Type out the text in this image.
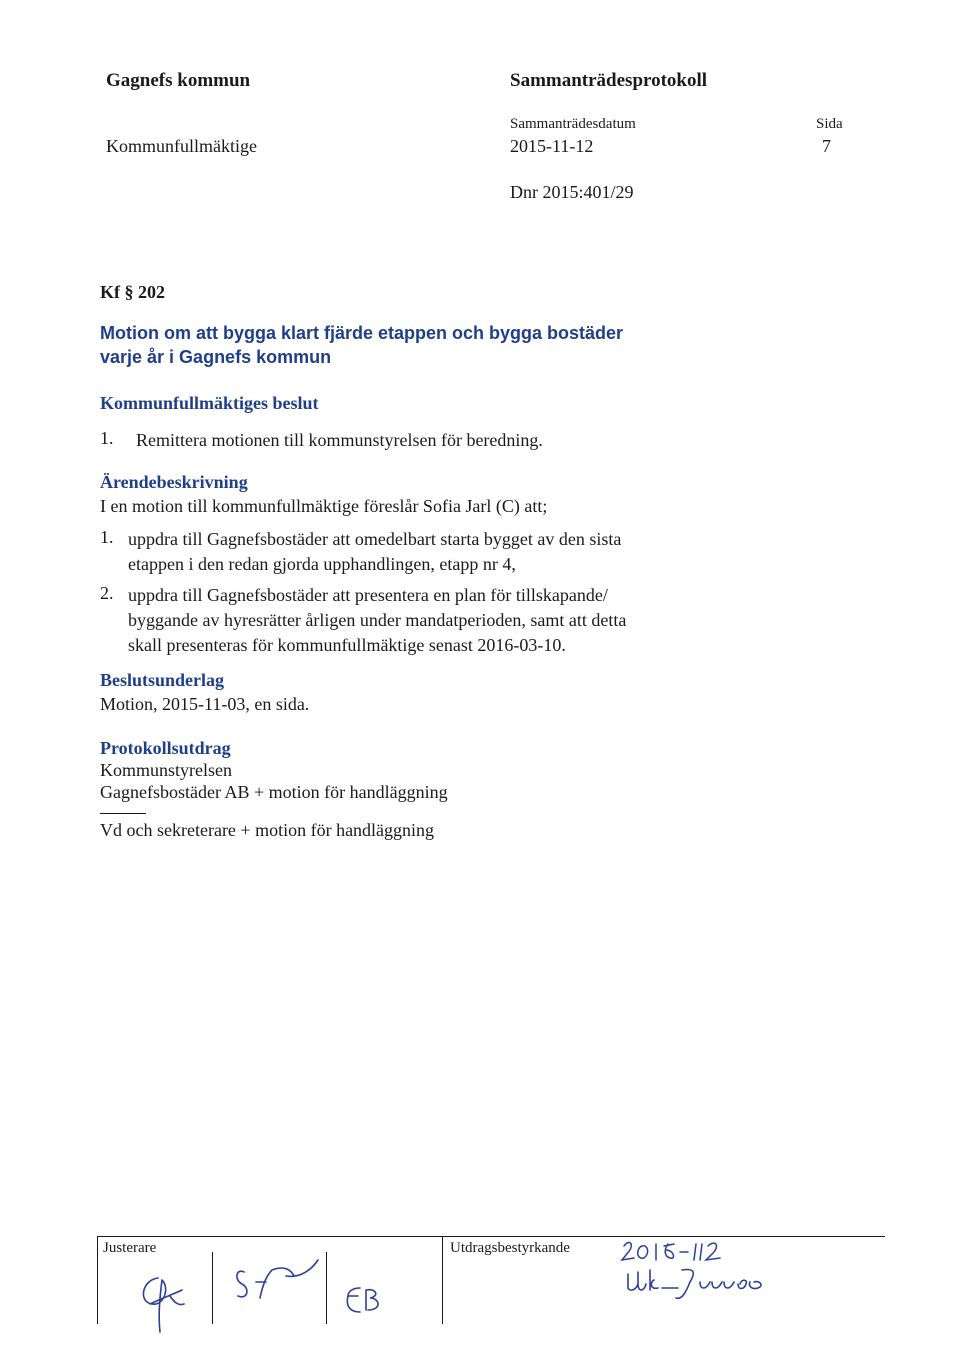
Gagnefs kommun	Sammanträdesprotokoll
Sammanträdesdatum	Sida
Kommunfullmäktige	2015-11-12	7
Dnr 2015:401/29
Kf § 202
Motion om att bygga klart fjärde etappen och bygga bostäder
varje år i Gagnefs kommun
Kommunfullmäktiges beslut
1. Remittera motionen till kommunstyrelsen för beredning.
Ärendebeskrivning
I en motion till kommunfullmäktige föreslår Sofia Jarl (C) att;
1. uppdra till Gagnefsbostäder att omedelbart starta bygget av den sista
etappen i den redan gjorda upphandlingen, etapp nr 4,
2. uppdra till Gagnefsbostäder att presentera en plan för tillskapande/
byggande av hyresrätter årligen under mandatperioden, samt att detta
skall presenteras för kommunfullmäktige senast 2016-03-10.
Beslutsunderlag
Motion, 2015-11-03, en sida.
Protokollsutdrag
Kommunstyrelsen
Gagnefsbostäder AB + motion för handläggning
Vd och sekreterare + motion för handläggning
Justerare	Utdragsbestyrkande
